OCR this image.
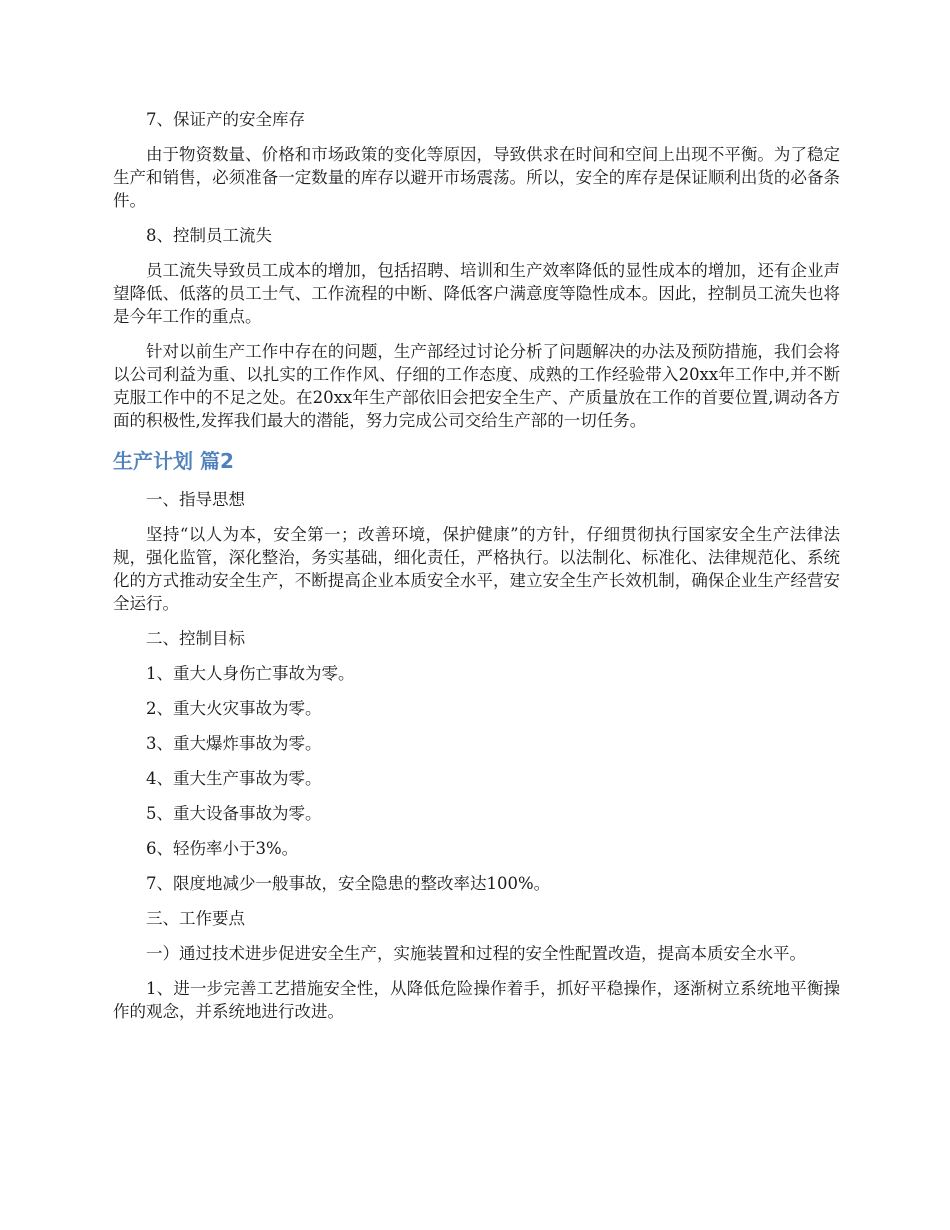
7、保证产的安全库存

由于物资数量、价格和市场政策的变化等原因，导致供求在时间和空间上出现不平衡。为了稳定生产和销售，必须准备一定数量的库存以避开市场震荡。所以，安全的库存是保证顺利出货的必备条件。

8、控制员工流失

员工流失导致员工成本的增加，包括招聘、培训和生产效率降低的显性成本的增加，还有企业声望降低、低落的员工士气、工作流程的中断、降低客户满意度等隐性成本。因此，控制员工流失也将是今年工作的重点。

针对以前生产工作中存在的问题，生产部经过讨论分析了问题解决的办法及预防措施，我们会将以公司利益为重、以扎实的工作作风、仔细的工作态度、成熟的工作经验带入20xx年工作中,并不断克服工作中的不足之处。在20xx年生产部依旧会把安全生产、产质量放在工作的首要位置,调动各方面的积极性,发挥我们最大的潜能，努力完成公司交给生产部的一切任务。

生产计划 篇2

一、指导思想

坚持“以人为本，安全第一；改善环境，保护健康”的方针，仔细贯彻执行国家安全生产法律法规，强化监管，深化整治，务实基础，细化责任，严格执行。以法制化、标准化、法律规范化、系统化的方式推动安全生产，不断提高企业本质安全水平，建立安全生产长效机制，确保企业生产经营安全运行。

二、控制目标

1、重大人身伤亡事故为零。

2、重大火灾事故为零。

3、重大爆炸事故为零。

4、重大生产事故为零。

5、重大设备事故为零。

6、轻伤率小于3%。

7、限度地减少一般事故，安全隐患的整改率达100%。

三、工作要点

一）通过技术进步促进安全生产，实施装置和过程的安全性配置改造，提高本质安全水平。

1、进一步完善工艺措施安全性，从降低危险操作着手，抓好平稳操作，逐渐树立系统地平衡操作的观念，并系统地进行改进。
